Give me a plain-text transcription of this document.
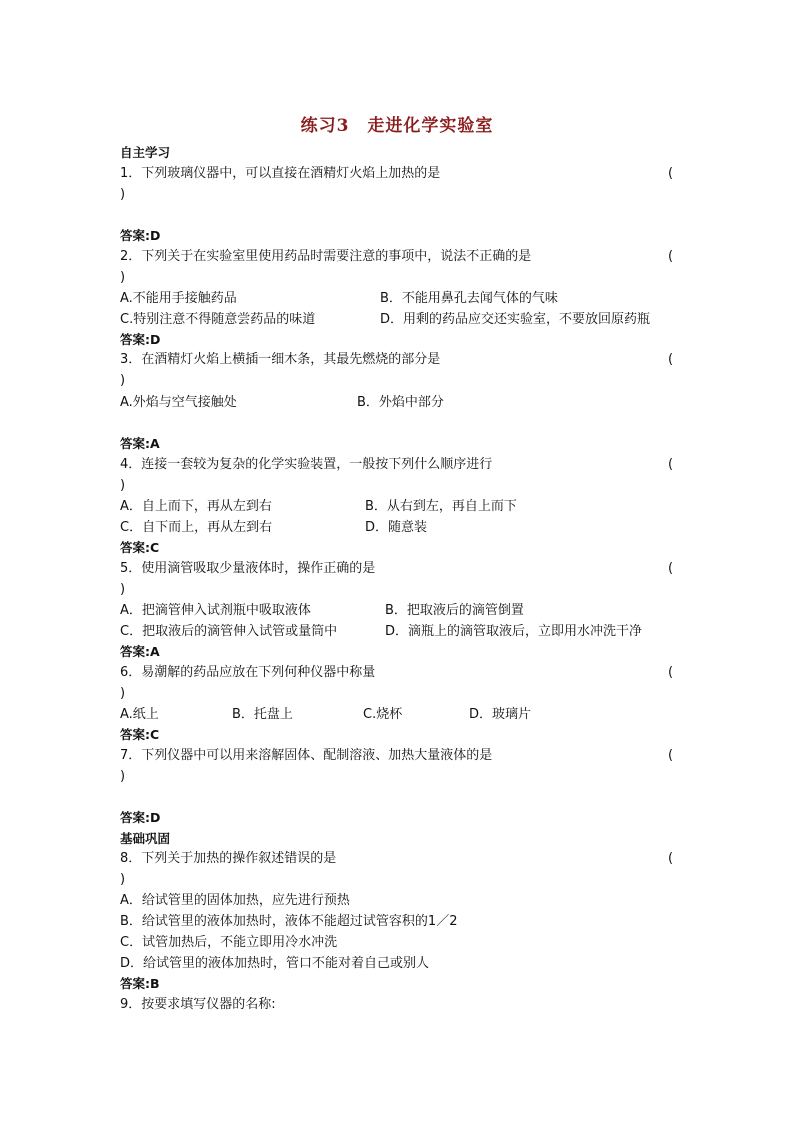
练习3　走进化学实验室
自主学习
1．下列玻璃仪器中，可以直接在酒精灯火焰上加热的是	(
)
答案:D
2．下列关于在实验室里使用药品时需要注意的事项中，说法不正确的是	(
)
A.不能用手接触药品	B．不能用鼻孔去闻气体的气味
C.特别注意不得随意尝药品的味道	D．用剩的药品应交还实验室，不要放回原药瓶
答案:D
3．在酒精灯火焰上横插一细木条，其最先燃烧的部分是	(
)
A.外焰与空气接触处	B．外焰中部分
答案:A
4．连接一套较为复杂的化学实验装置，一般按下列什么顺序进行	(
)
A．自上而下，再从左到右	B．从右到左，再自上而下
C．自下而上，再从左到右	D．随意装
答案:C
5．使用滴管吸取少量液体时，操作正确的是	(
)
A．把滴管伸入试剂瓶中吸取液体	B．把取液后的滴管倒置
C．把取液后的滴管伸入试管或量筒中	D．滴瓶上的滴管取液后，立即用水冲洗干净
答案:A
6．易潮解的药品应放在下列何种仪器中称量	(
)
A.纸上	B．托盘上	C.烧杯	D．玻璃片
答案:C
7．下列仪器中可以用来溶解固体、配制溶液、加热大量液体的是	(
)
答案:D
基础巩固
8．下列关于加热的操作叙述错误的是	(
)
A．给试管里的固体加热，应先进行预热
B．给试管里的液体加热时，液体不能超过试管容积的1／2
C．试管加热后，不能立即用冷水冲洗
D．给试管里的液体加热时，管口不能对着自己或别人
答案:B
9．按要求填写仪器的名称:
